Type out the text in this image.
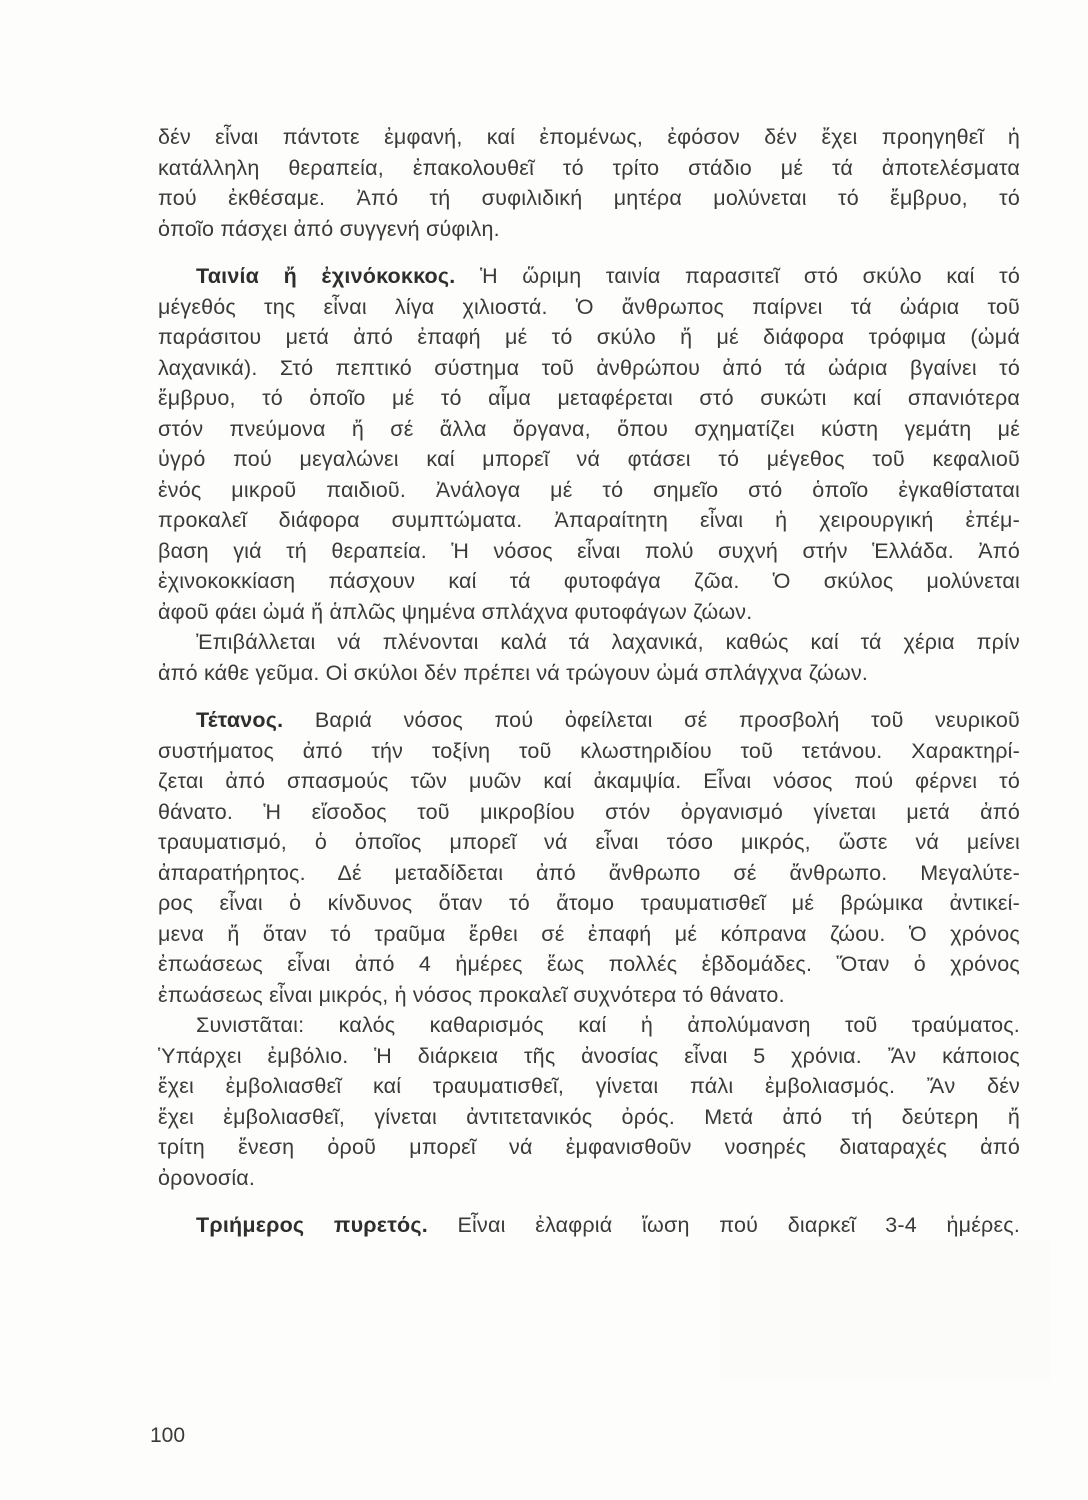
δέν εἶναι πάντοτε ἐμφανή, καί ἐπομένως, ἐφόσον δέν ἔχει προηγηθεῖ ἡ
κατάλληλη θεραπεία, ἐπακολουθεῖ τό τρίτο στάδιο μέ τά ἀποτελέσματα
πού ἐκθέσαμε. Ἀπό τή συφιλιδική μητέρα μολύνεται τό ἔμβρυο, τό
ὁποῖο πάσχει ἀπό συγγενή σύφιλη.
Ταινία ἤ ἐχινόκοκκος. Ἡ ὥριμη ταινία παρασιτεῖ στό σκύλο καί τό
μέγεθός της εἶναι λίγα χιλιοστά. Ὁ ἄνθρωπος παίρνει τά ὠάρια τοῦ
παράσιτου μετά ἀπό ἐπαφή μέ τό σκύλο ἤ μέ διάφορα τρόφιμα (ὠμά
λαχανικά). Στό πεπτικό σύστημα τοῦ ἀνθρώπου ἀπό τά ὠάρια βγαίνει τό
ἔμβρυο, τό ὁποῖο μέ τό αἷμα μεταφέρεται στό συκώτι καί σπανιότερα
στόν πνεύμονα ἤ σέ ἄλλα ὄργανα, ὅπου σχηματίζει κύστη γεμάτη μέ
ὑγρό πού μεγαλώνει καί μπορεῖ νά φτάσει τό μέγεθος τοῦ κεφαλιοῦ
ἑνός μικροῦ παιδιοῦ. Ἀνάλογα μέ τό σημεῖο στό ὁποῖο ἐγκαθίσταται
προκαλεῖ διάφορα συμπτώματα. Ἀπαραίτητη εἶναι ἡ χειρουργική ἐπέμ-
βαση γιά τή θεραπεία. Ἡ νόσος εἶναι πολύ συχνή στήν Ἑλλάδα. Ἀπό
ἐχινοκοκκίαση πάσχουν καί τά φυτοφάγα ζῶα. Ὁ σκύλος μολύνεται
ἀφοῦ φάει ὠμά ἤ ἁπλῶς ψημένα σπλάχνα φυτοφάγων ζώων.
Ἐπιβάλλεται νά πλένονται καλά τά λαχανικά, καθώς καί τά χέρια πρίν
ἀπό κάθε γεῦμα. Οἱ σκύλοι δέν πρέπει νά τρώγουν ὠμά σπλάγχνα ζώων.
Τέτανος. Βαριά νόσος πού ὀφείλεται σέ προσβολή τοῦ νευρικοῦ
συστήματος ἀπό τήν τοξίνη τοῦ κλωστηριδίου τοῦ τετάνου. Χαρακτηρί-
ζεται ἀπό σπασμούς τῶν μυῶν καί ἀκαμψία. Εἶναι νόσος πού φέρνει τό
θάνατο. Ἡ εἴσοδος τοῦ μικροβίου στόν ὀργανισμό γίνεται μετά ἀπό
τραυματισμό, ὁ ὁποῖος μπορεῖ νά εἶναι τόσο μικρός, ὥστε νά μείνει
ἀπαρατήρητος. Δέ μεταδίδεται ἀπό ἄνθρωπο σέ ἄνθρωπο. Μεγαλύτε-
ρος εἶναι ὁ κίνδυνος ὅταν τό ἄτομο τραυματισθεῖ μέ βρώμικα ἀντικεί-
μενα ἤ ὅταν τό τραῦμα ἔρθει σέ ἐπαφή μέ κόπρανα ζώου. Ὁ χρόνος
ἐπωάσεως εἶναι ἀπό 4 ἡμέρες ἕως πολλές ἑβδομάδες. Ὅταν ὁ χρόνος
ἐπωάσεως εἶναι μικρός, ἡ νόσος προκαλεῖ συχνότερα τό θάνατο.
Συνιστᾶται: καλός καθαρισμός καί ἡ ἀπολύμανση τοῦ τραύματος.
Ὑπάρχει ἐμβόλιο. Ἡ διάρκεια τῆς ἀνοσίας εἶναι 5 χρόνια. Ἄν κάποιος
ἔχει ἐμβολιασθεῖ καί τραυματισθεῖ, γίνεται πάλι ἐμβολιασμός. Ἄν δέν
ἔχει ἐμβολιασθεῖ, γίνεται ἀντιτετανικός ὀρός. Μετά ἀπό τή δεύτερη ἤ
τρίτη ἔνεση ὀροῦ μπορεῖ νά ἐμφανισθοῦν νοσηρές διαταραχές ἀπό
ὀρονοσία.
Τριήμερος πυρετός. Εἶναι ἐλαφριά ἴωση πού διαρκεῖ 3-4 ἡμέρες.
100
